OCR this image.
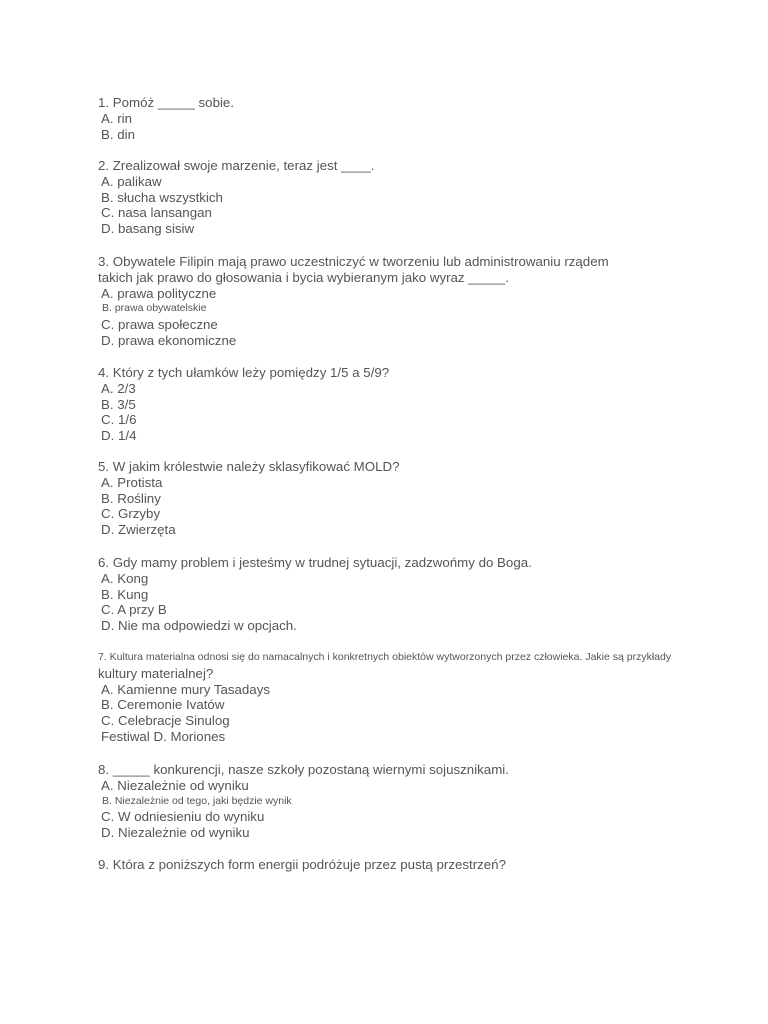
1. Pomóż _____ sobie.
A. rin
B. din
2. Zrealizował swoje marzenie, teraz jest ____.
A. palikaw
B. słucha wszystkich
C. nasa lansangan
D. basang sisiw
3. Obywatele Filipin mają prawo uczestniczyć w tworzeniu lub administrowaniu rządem
takich jak prawo do głosowania i bycia wybieranym jako wyraz _____.
A. prawa polityczne
B. prawa obywatelskie
C. prawa społeczne
D. prawa ekonomiczne
4. Który z tych ułamków leży pomiędzy 1/5 a 5/9?
A. 2/3
B. 3/5
C. 1/6
D. 1/4
5. W jakim królestwie należy sklasyfikować MOLD?
A. Protista
B. Rośliny
C. Grzyby
D. Zwierzęta
6. Gdy mamy problem i jesteśmy w trudnej sytuacji, zadzwońmy do Boga.
A. Kong
B. Kung
C. A przy B
D. Nie ma odpowiedzi w opcjach.
7. Kultura materialna odnosi się do namacalnych i konkretnych obiektów wytworzonych przez człowieka. Jakie są przykłady
kultury materialnej?
A. Kamienne mury Tasadays
B. Ceremonie Ivatów
C. Celebracje Sinulog
Festiwal D. Moriones
8. _____ konkurencji, nasze szkoły pozostaną wiernymi sojusznikami.
A. Niezależnie od wyniku
B. Niezależnie od tego, jaki będzie wynik
C. W odniesieniu do wyniku
D. Niezależnie od wyniku
9. Która z poniższych form energii podróżuje przez pustą przestrzeń?
